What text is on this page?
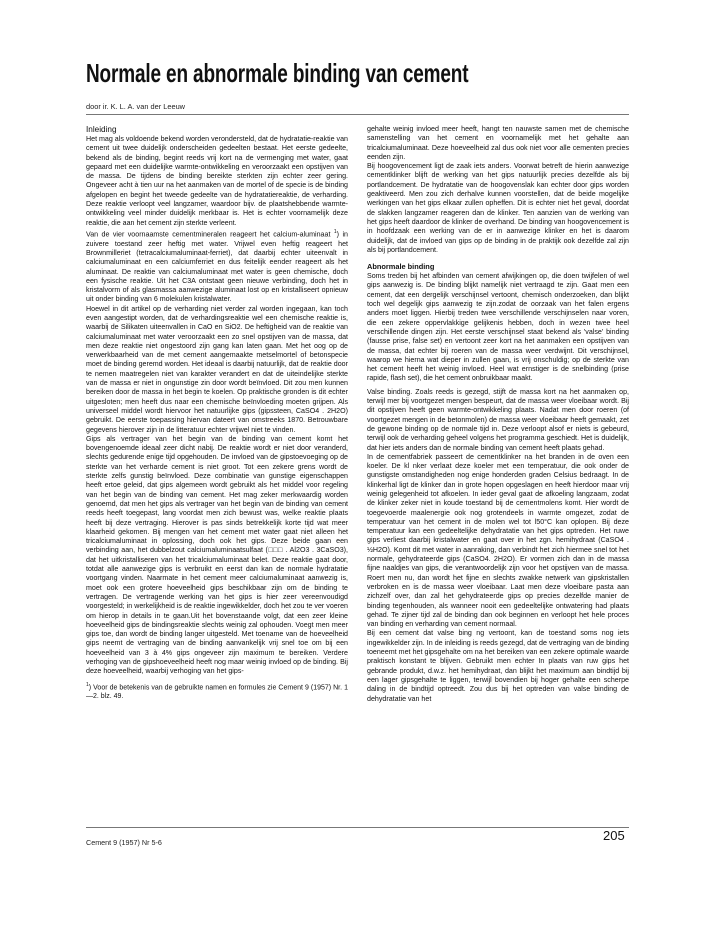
Normale en abnormale binding van cement
door ir. K. L. A. van der Leeuw
Inleiding

Het mag als voldoende bekend worden verondersteld, dat de hydratatie-reaktie van cement uit twee duidelijk onderscheiden gedeelten bestaat. Het eerste gedeelte, bekend als de binding, begint reeds vrij kort na de vermenging met water, gaat gepaard met een duidelijke warmte-ontwikkeling en veroorzaakt een opstijven van de massa. De tijdens de binding bereikte sterkten zijn echter zeer gering. Ongeveer acht à tien uur na het aanmaken van de mortel of de specie is de binding afgelopen en begint het tweede gedeelte van de hydratatiereaktie, de verharding. Deze reaktie verloopt veel langzamer, waardoor bijv. de plaatshebbende warmte-ontwikkeling veel minder duidelijk merkbaar is. Het is echter voornamelijk deze reaktie, die aan het cement zijn sterkte verleent.

Van de vier voornaamste cementmineralen reageert het calcium-aluminaat $^1$) in zuivere toestand zeer heftig met water. Vrijwel even heftig reageert het Brownmilleriet (tetracalciumaluminaat-ferriet), dat daarbij echter uiteenvalt in calciumaluminaat en een calciumferriet en dus feitelijk eender reageert als het aluminaat. De reaktie van calciumaluminaat met water is geen chemische, doch een fysische reaktie. Uit het C3A ontstaat geen nieuwe verbinding, doch het in kristalvorm of als glasmassa aanwezige aluminaat lost op en kristalliseert opnieuw uit onder binding van 6 molekulen kristalwater.

Hoewel in dit artikel op de verharding niet verder zal worden ingegaan, kan toch even aangestipt worden, dat de verhardingsreaktie wel een chemische reaktie is, waarbij de Silikaten uiteenvallen in CaO en SiO2. De heftigheid van de reaktie van calciumaluminaat met water veroorzaakt een zo snel opstijven van de massa, dat men deze reaktie niet ongestoord zijn gang kan laten gaan. Met het oog op de verwerkbaarheid van de met cement aangemaakte metselmortel of betonspecie moet de binding geremd worden. Het ideaal is daarbij natuurlijk, dat de reaktie door te nemen maatregelen niet van karakter verandert en dat de uiteindelijke sterkte van de massa er niet in ongunstige zin door wordt beïnvloed. Dit zou men kunnen bereiken door de massa in het begin te koelen. Op praktische gronden is dit echter uitgesloten; men heeft dus naar een chemische beïnvloeding moeten grijpen. Als universeel middel wordt hiervoor het natuurlijke gips (gipssteen, CaSO4 . 2H2O) gebruikt. De eerste toepassing hiervan dateert van omstreeks 1870. Betrouwbare gegevens hierover zijn in de litteratuur echter vrijwel niet te vinden.

Gips als vertrager van het begin van de binding van cement komt het bovengenoemde ideaal zeer dicht nabij. De reaktie wordt er niet door veranderd, slechts gedurende enige tijd opgehouden. De invloed van de gipstoevoeging op de sterkte van het verharde cement is niet groot. Tot een zekere grens wordt de sterkte zelfs gunstig beïnvloed. Deze combinatie van gunstige eigenschappen heeft ertoe geleid, dat gips algemeen wordt gebruikt als het middel voor regeling van het begin van de binding van cement. Het mag zeker merkwaardig worden genoemd, dat men het gips als vertrager van het begin van de binding van cement reeds heeft toegepast, lang voordat men zich bewust was, welke reaktie plaats heeft bij deze vertraging. Hierover is pas sinds betrekkelijk korte tijd wat meer klaarheid gekomen. Bij mengen van het cement met water gaat niet alleen het tricalciumaluminaat in oplossing, doch ook het gips. Deze beide gaan een verbinding aan, het dubbelzout calciumaluminaatsulfaat (□□□ . Al2O3 . 3CaSO3), dat het uitkristalliseren van het tricalciumaluminaat belet. Deze reaktie gaat door, totdat alle aanwezige gips is verbruikt en eerst dan kan de normale hydratatie voortgang vinden. Naarmate in het cement meer calciumaluminaat aanwezig is, moet ook een grotere hoeveelheid gips beschikbaar zijn om de binding te vertragen. De vertragende werking van het gips is hier zeer vereenvoudigd voorgesteld; in werkelijkheid is de reaktie ingewikkelder, doch het zou te ver voeren om hierop in details in te gaan.Uit het bovenstaande volgt, dat een zeer kleine hoeveelheid gips de bindingsreaktie slechts weinig zal ophouden. Voegt men meer gips toe, dan wordt de binding langer uitgesteld. Met toename van de hoeveelheid gips neemt de vertraging van de binding aanvankelijk vrij snel toe om bij een hoeveelheid van 3 à 4% gips ongeveer zijn maximum te bereiken. Verdere verhoging van de gipshoeveelheid heeft nog maar weinig invloed op de binding. Bij deze hoeveelheid, waarbij verhoging van het gips-

$^1$) Voor de betekenis van de gebruikte namen en formules zie Cement 9 (1957) Nr. 1—2. blz. 49.

gehalte weinig invloed meer heeft, hangt ten nauwste samen met de chemische samenstelling van het cement en voornamelijk met het gehalte aan tricalciumaluminaat. Deze hoeveelheid zal dus ook niet voor alle cementen precies eenden zijn.

Bij hoogovencement ligt de zaak iets anders. Voorwat betreft de hierin aanwezige cementklinker blijft de werking van het gips natuurlijk precies dezelfde als bij portlandcement. De hydratatie van de hoogovenslak kan echter door gips worden geaktiveerd. Men zou zich derhalve kunnen voorstellen, dat de beide mogelijke werkingen van het gips elkaar zullen opheffen. Dit is echter niet het geval, doordat de slakken langzamer reageren dan de klinker. Ten aanzien van de werking van het gips heeft daardoor de klinker de overhand. De binding van hoogovencement is in hoofdzaak een werking van de er in aanwezige klinker en het is daarom duidelijk, dat de invloed van gips op de binding in de praktijk ook dezelfde zal zijn als bij portlandcement.

Abnormale binding

Soms treden bij het afbinden van cement afwijkingen op, die doen twijfelen of wel gips aanwezig is. De binding blijkt namelijk niet vertraagd te zijn. Gaat men een cement, dat een dergelijk verschijnsel vertoont, chemisch onderzoeken, dan blijkt toch wel degelijk gips aanwezig te zijn.zodat de oorzaak van het falen ergens anders moet liggen. Hierbij treden twee verschillende verschijnselen naar voren, die een zekere oppervlakkige gelijkenis hebben, doch in wezen twee heel verschillende dingen zijn. Het eerste verschijnsel staat bekend als 'valse' binding (fausse prise, false set) en vertoont zeer kort na het aanmaken een opstijven van de massa, dat echter bij roeren van de massa weer verdwijnt. Dit verschijnsel, waarop we hierna wat dieper in zullen gaan, is vrij onschuldig; op de sterkte van het cement heeft het weinig invloed. Heel wat ernstiger is de snelbinding (prise rapide, flash set), die het cement onbruikbaar maakt.

Valse binding. Zoals reeds is gezegd, stijft de massa kort na het aanmaken op, terwijl mer bij voortgezet mengen bespeurt, dat de massa weer vloeibaar wordt. Bij dit opstijven heeft geen warmte-ontwikkeling plaats. Nadat men door roeren (of voortgezet mengen in de betonmolen) de massa weer vloeibaar heeft gemaakt, zet de gewone binding op de normale tijd in. Deze verloopt alsof er niets is gebeurd, terwijl ook de verharding geheel volgens het programma geschiedt. Het is duidelijk, dat hier iets anders dan de normale binding van cement heeft plaats gehad.

In de cementfabriek passeert de cementklinker na het branden in de oven een koeler. De kl nker verlaat deze koeler met een temperatuur, die ook onder de gunstigste omstandigheden nog enige honderden graden Celsius bedraagt. In de klinkerhal ligt de klinker dan in grote hopen opgeslagen en heeft hierdoor maar vrij weinig gelegenheid tot afkoelen. In ieder geval gaat de afkoeling langzaam, zodat de klinker zeker niet in koude toestand bij de cementmolens komt. Hier wordt de toegevoerde maalenergie ook nog grotendeels in warmte omgezet, zodat de temperatuur van het cement in de molen wel tot l50°C kan oplopen. Bij deze temperatuur kan een gedeeltelijke dehydratatie van het gips optreden. Het ruwe gips verliest daarbij kristalwater en gaat over in het zgn. hemihydraat (CaSO4 . ½H2O). Komt dit met water in aanraking, dan verbindt het zich hiermee snel tot het normale, gehydrateerde gips (CaSO4. 2H2O). Er vormen zich dan in de massa fijne naaldjes van gips, die verantwoordelijk zijn voor het opstijven van de massa. Roert men nu, dan wordt het fijne en slechts zwakke netwerk van gipskristallen verbroken en is de massa weer vloeibaar. Laat men deze vloeibare pasta aan zichzelf over, dan zal het gehydrateerde gips op precies dezelfde manier de binding tegenhouden, als wanneer nooit een gedeeltelijke ontwatering had plaats gehad. Te zijner tijd zal de binding dan ook beginnen en verloopt het hele proces van binding en verharding van cement normaal.

Bij een cement dat valse bing ng vertoont, kan de toestand soms nog iets ingewikkelder zijn. In de inleiding is reeds gezegd, dat de vertraging van de binding toeneemt met het gipsgehalte om na het bereiken van een zekere optimale waarde praktisch konstant te blijven. Gebruikt men echter In plaats van ruw gips het gebrande produkt, d.w.z. het hemihydraat, dan blijkt het maximum aan bindtijd bij een lager gipsgehalte te liggen, terwijl bovendien bij hoger gehalte een scherpe daling in de bindtijd optreedt. Zou dus bij het optreden van valse binding de dehydratatie van het

Cement 9 (1957) Nr 5-6	205
